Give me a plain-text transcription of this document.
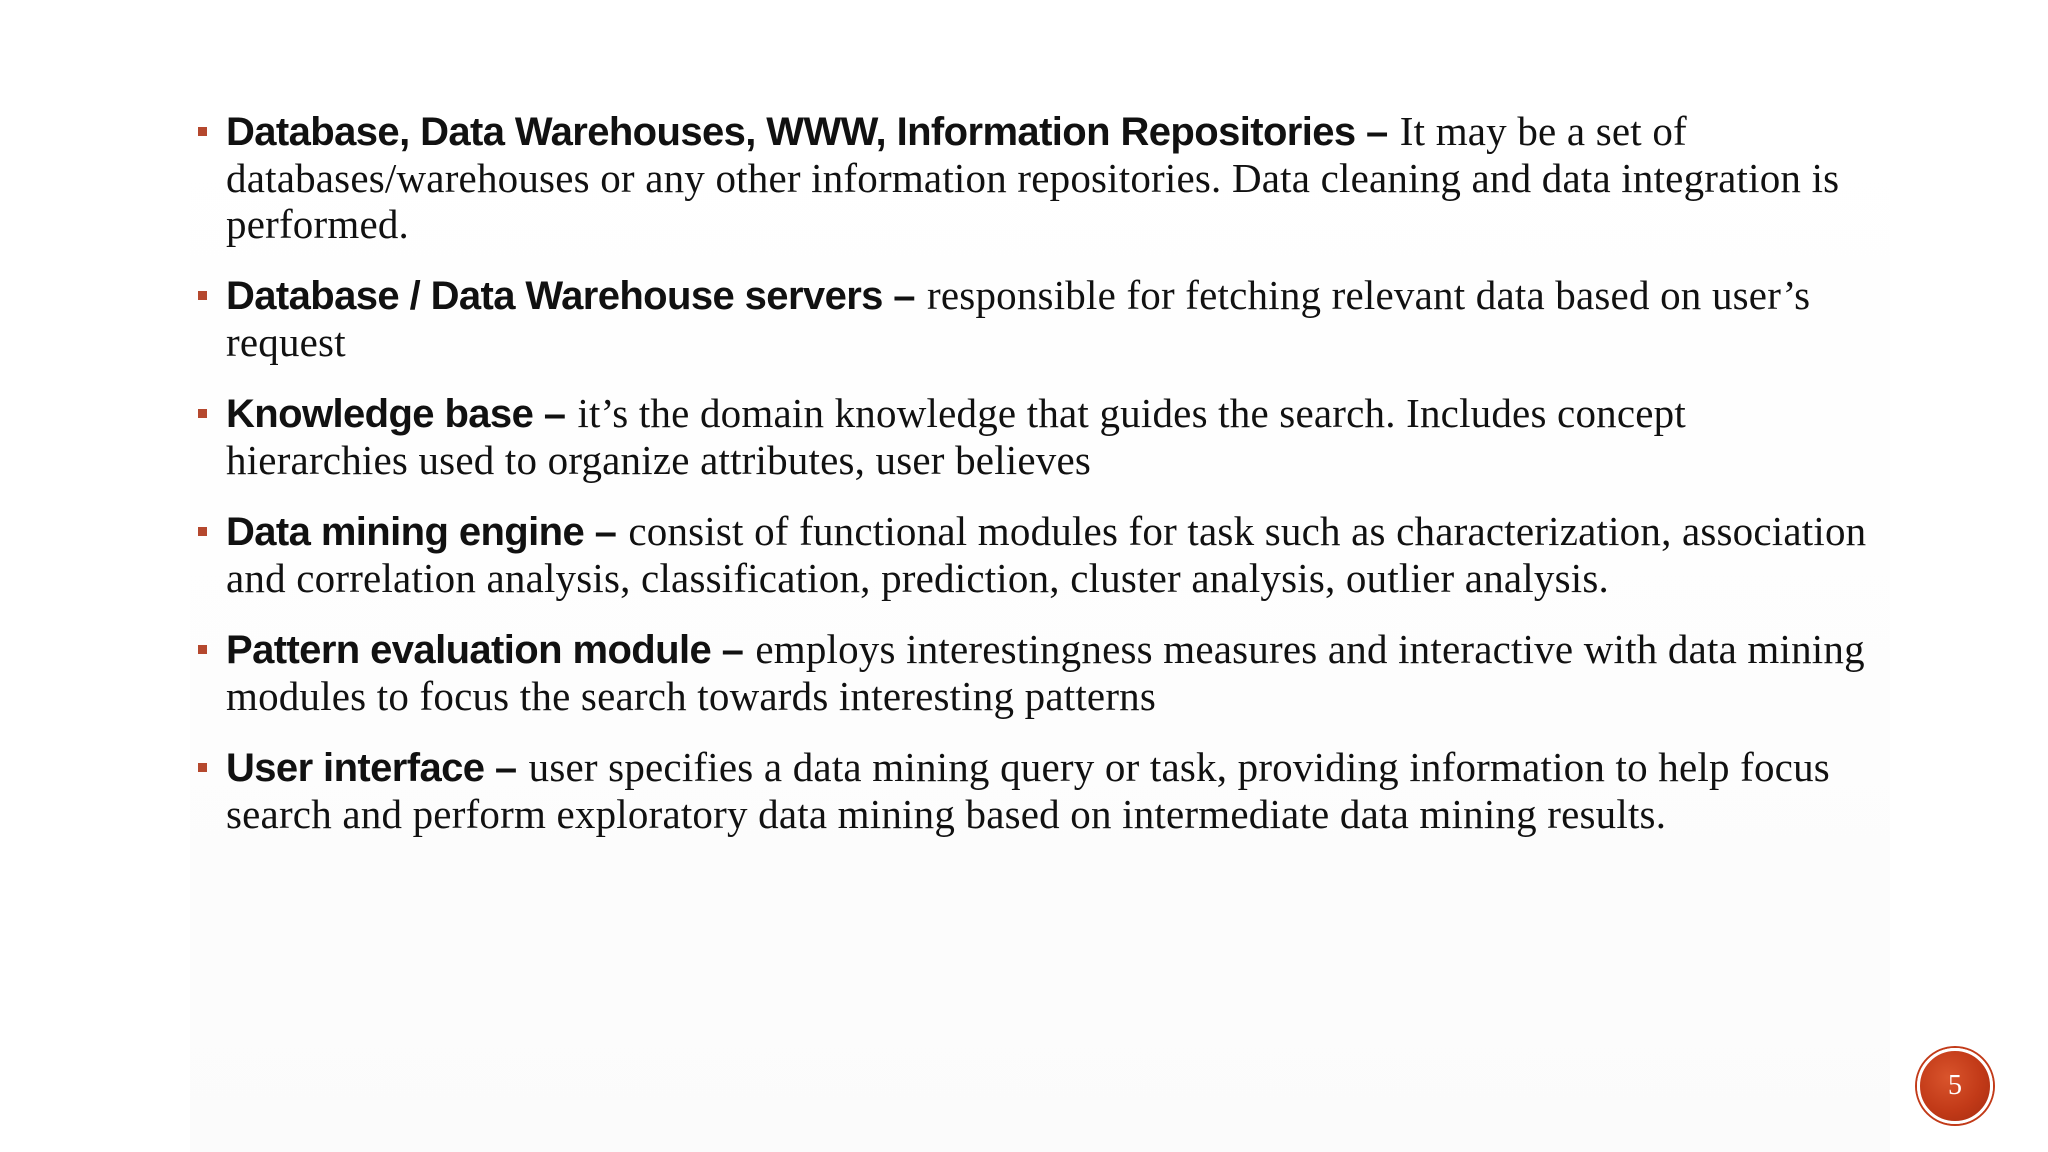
Database, Data Warehouses, WWW, Information Repositories – It may be a set of databases/warehouses or any other information repositories. Data cleaning and data integration is performed.
Database / Data Warehouse servers – responsible for fetching relevant data based on user’s request
Knowledge base – it’s the domain knowledge that guides the search. Includes concept hierarchies used to organize attributes, user believes
Data mining engine – consist of functional modules for task such as characterization, association and correlation analysis, classification, prediction, cluster analysis, outlier analysis.
Pattern evaluation module – employs interestingness measures and interactive with data mining modules to focus the search towards interesting patterns
User interface – user specifies a data mining query or task, providing information to help focus search and perform exploratory data mining based on intermediate data mining results.
5
